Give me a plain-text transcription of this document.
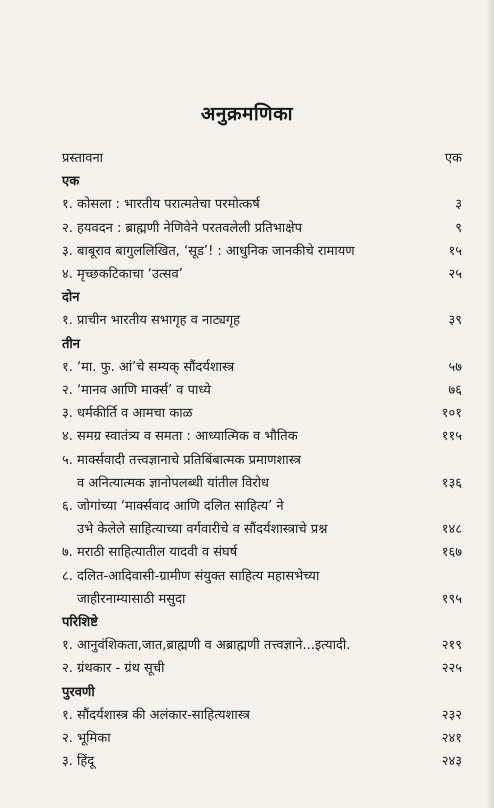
अनुक्रमणिका
प्रस्तावना	एक
एक
१. कोसला : भारतीय परात्मतेचा परमोत्कर्ष	३
२. हयवदन : ब्राह्मणी नेणिवेने परतवलेली प्रतिभाक्षेप	९
३. बाबूराव बागुललिखित, ‘सूड’! : आधुनिक जानकीचे रामायण	१५
४. मृच्छकटिकाचा ‘उत्सव’	२५
दोन
१. प्राचीन भारतीय सभागृह व नाट्यगृह	३९
तीन
१. ‘मा. फु. आं’चे सम्यक् सौंदर्यशास्त्र	५७
२. ‘मानव आणि मार्क्स’ व पाध्ये	७६
३. धर्मकीर्ति व आमचा काळ	१०१
४. समग्र स्वातंत्र्य व समता : आध्यात्मिक व भौतिक	११५
५. मार्क्सवादी तत्त्वज्ञानाचे प्रतिबिंबात्मक प्रमाणशास्त्र
व अनित्यात्मक ज्ञानोपलब्धी यांतील विरोध	१३६
६. जोगांच्या ‘मार्क्सवाद आणि दलित साहित्य’ ने
उभे केलेले साहित्याच्या वर्गवारीचे व सौंदर्यशास्त्राचे प्रश्न	१४८
७. मराठी साहित्यातील यादवी व संघर्ष	१६७
८. दलित-आदिवासी-ग्रामीण संयुक्त साहित्य महासभेच्या
जाहीरनाम्यासाठी मसुदा	१९५
परिशिष्टे
१. आनुवंशिकता,जात,ब्राह्मणी व अब्राह्मणी तत्त्वज्ञाने...इत्यादी.	२१९
२. ग्रंथकार - ग्रंथ सूची	२२५
पुरवणी
१. सौंदर्यशास्त्र की अलंकार-साहित्यशास्त्र	२३२
२. भूमिका	२४१
३. हिंदू	२४३
